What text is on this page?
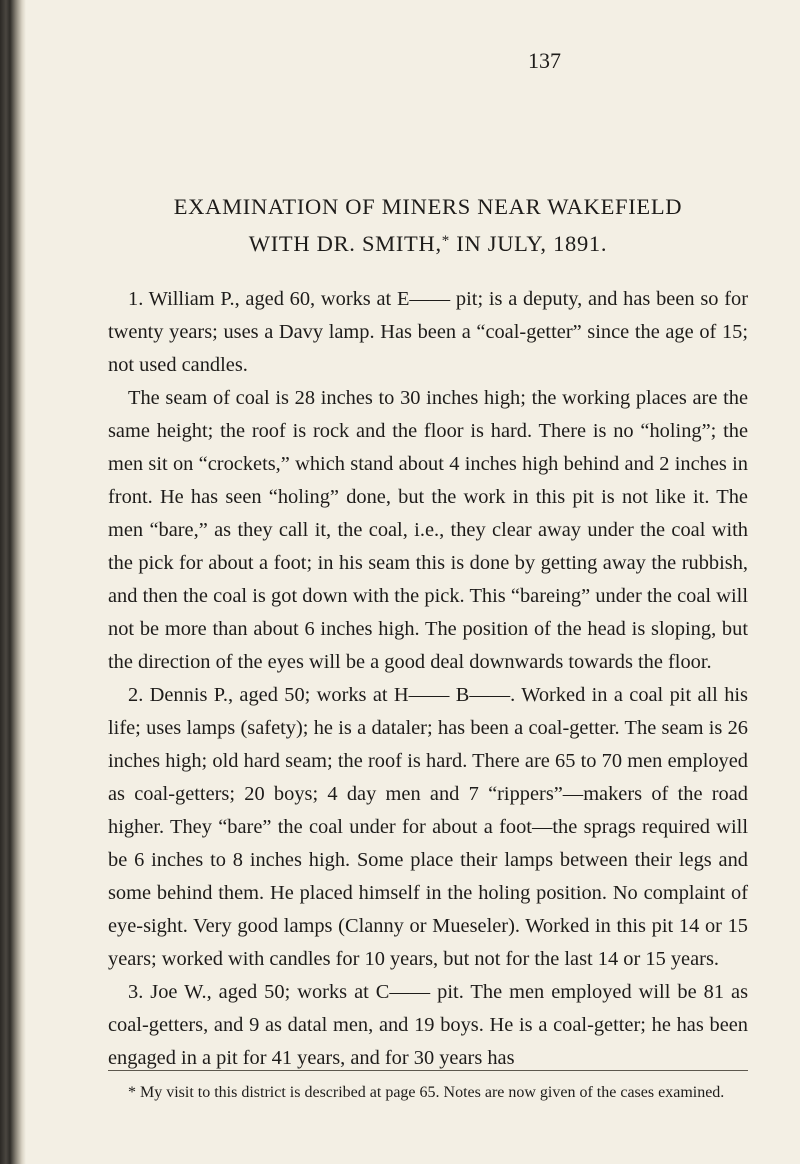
137
EXAMINATION OF MINERS NEAR WAKEFIELD
WITH DR. SMITH,* IN JULY, 1891.

1. William P., aged 60, works at E—— pit; is a deputy, and has been so for twenty years; uses a Davy lamp. Has been a “coal-getter” since the age of 15; not used candles.

The seam of coal is 28 inches to 30 inches high; the working places are the same height; the roof is rock and the floor is hard. There is no “holing”; the men sit on “crockets,” which stand about 4 inches high behind and 2 inches in front. He has seen “holing” done, but the work in this pit is not like it. The men “bare,” as they call it, the coal, i.e., they clear away under the coal with the pick for about a foot; in his seam this is done by getting away the rubbish, and then the coal is got down with the pick. This “bareing” under the coal will not be more than about 6 inches high. The position of the head is sloping, but the direction of the eyes will be a good deal downwards towards the floor.

2. Dennis P., aged 50; works at H—— B——. Worked in a coal pit all his life; uses lamps (safety); he is a dataler; has been a coal-getter. The seam is 26 inches high; old hard seam; the roof is hard. There are 65 to 70 men employed as coal-getters; 20 boys; 4 day men and 7 “rippers”—makers of the road higher. They “bare” the coal under for about a foot—the sprags required will be 6 inches to 8 inches high. Some place their lamps between their legs and some behind them. He placed himself in the holing position. No complaint of eye-sight. Very good lamps (Clanny or Mueseler). Worked in this pit 14 or 15 years; worked with candles for 10 years, but not for the last 14 or 15 years.

3. Joe W., aged 50; works at C—— pit. The men employed will be 81 as coal-getters, and 9 as datal men, and 19 boys. He is a coal-getter; he has been engaged in a pit for 41 years, and for 30 years has

* My visit to this district is described at page 65. Notes are now given of the cases examined.
